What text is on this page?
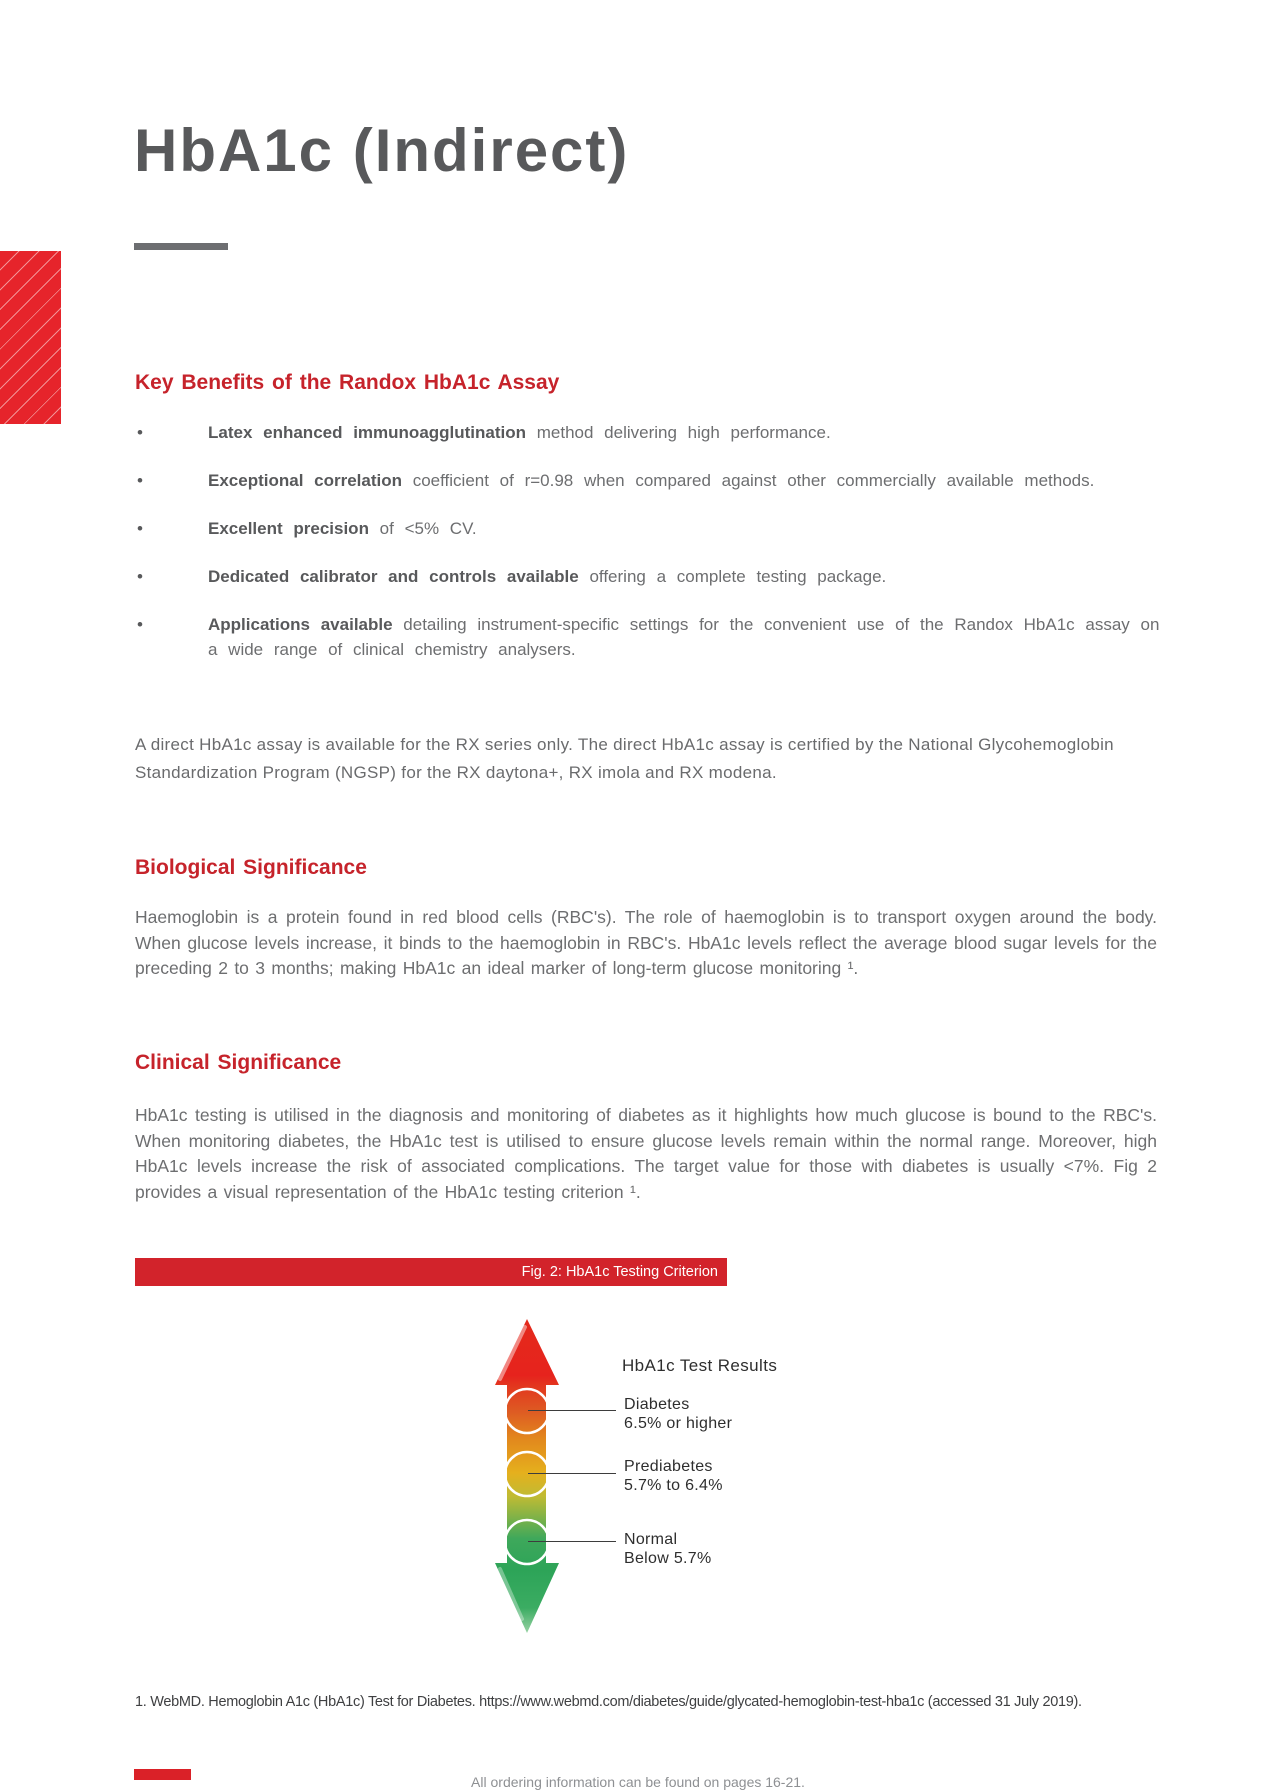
HbA1c (Indirect)
Key Benefits of the Randox HbA1c Assay
• Latex enhanced immunoagglutination method delivering high performance.
• Exceptional correlation coefficient of r=0.98 when compared against other commercially available methods.
• Excellent precision of <5% CV.
• Dedicated calibrator and controls available offering a complete testing package.
• Applications available detailing instrument-specific settings for the convenient use of the Randox HbA1c assay on a wide range of clinical chemistry analysers.

A direct HbA1c assay is available for the RX series only. The direct HbA1c assay is certified by the National Glycohemoglobin Standardization Program (NGSP) for the RX daytona+, RX imola and RX modena.

Biological Significance

Haemoglobin is a protein found in red blood cells (RBC's). The role of haemoglobin is to transport oxygen around the body. When glucose levels increase, it binds to the haemoglobin in RBC's. HbA1c levels reflect the average blood sugar levels for the preceding 2 to 3 months; making HbA1c an ideal marker of long-term glucose monitoring ¹.

Clinical Significance

HbA1c testing is utilised in the diagnosis and monitoring of diabetes as it highlights how much glucose is bound to the RBC's. When monitoring diabetes, the HbA1c test is utilised to ensure glucose levels remain within the normal range. Moreover, high HbA1c levels increase the risk of associated complications. The target value for those with diabetes is usually <7%. Fig 2 provides a visual representation of the HbA1c testing criterion ¹.

Fig. 2: HbA1c Testing Criterion
HbA1c Test Results
Diabetes
6.5% or higher
Prediabetes
5.7% to 6.4%
Normal
Below 5.7%

1. WebMD. Hemoglobin A1c (HbA1c) Test for Diabetes. https://www.webmd.com/diabetes/guide/glycated-hemoglobin-test-hba1c (accessed 31 July 2019).

All ordering information can be found on pages 16-21.
